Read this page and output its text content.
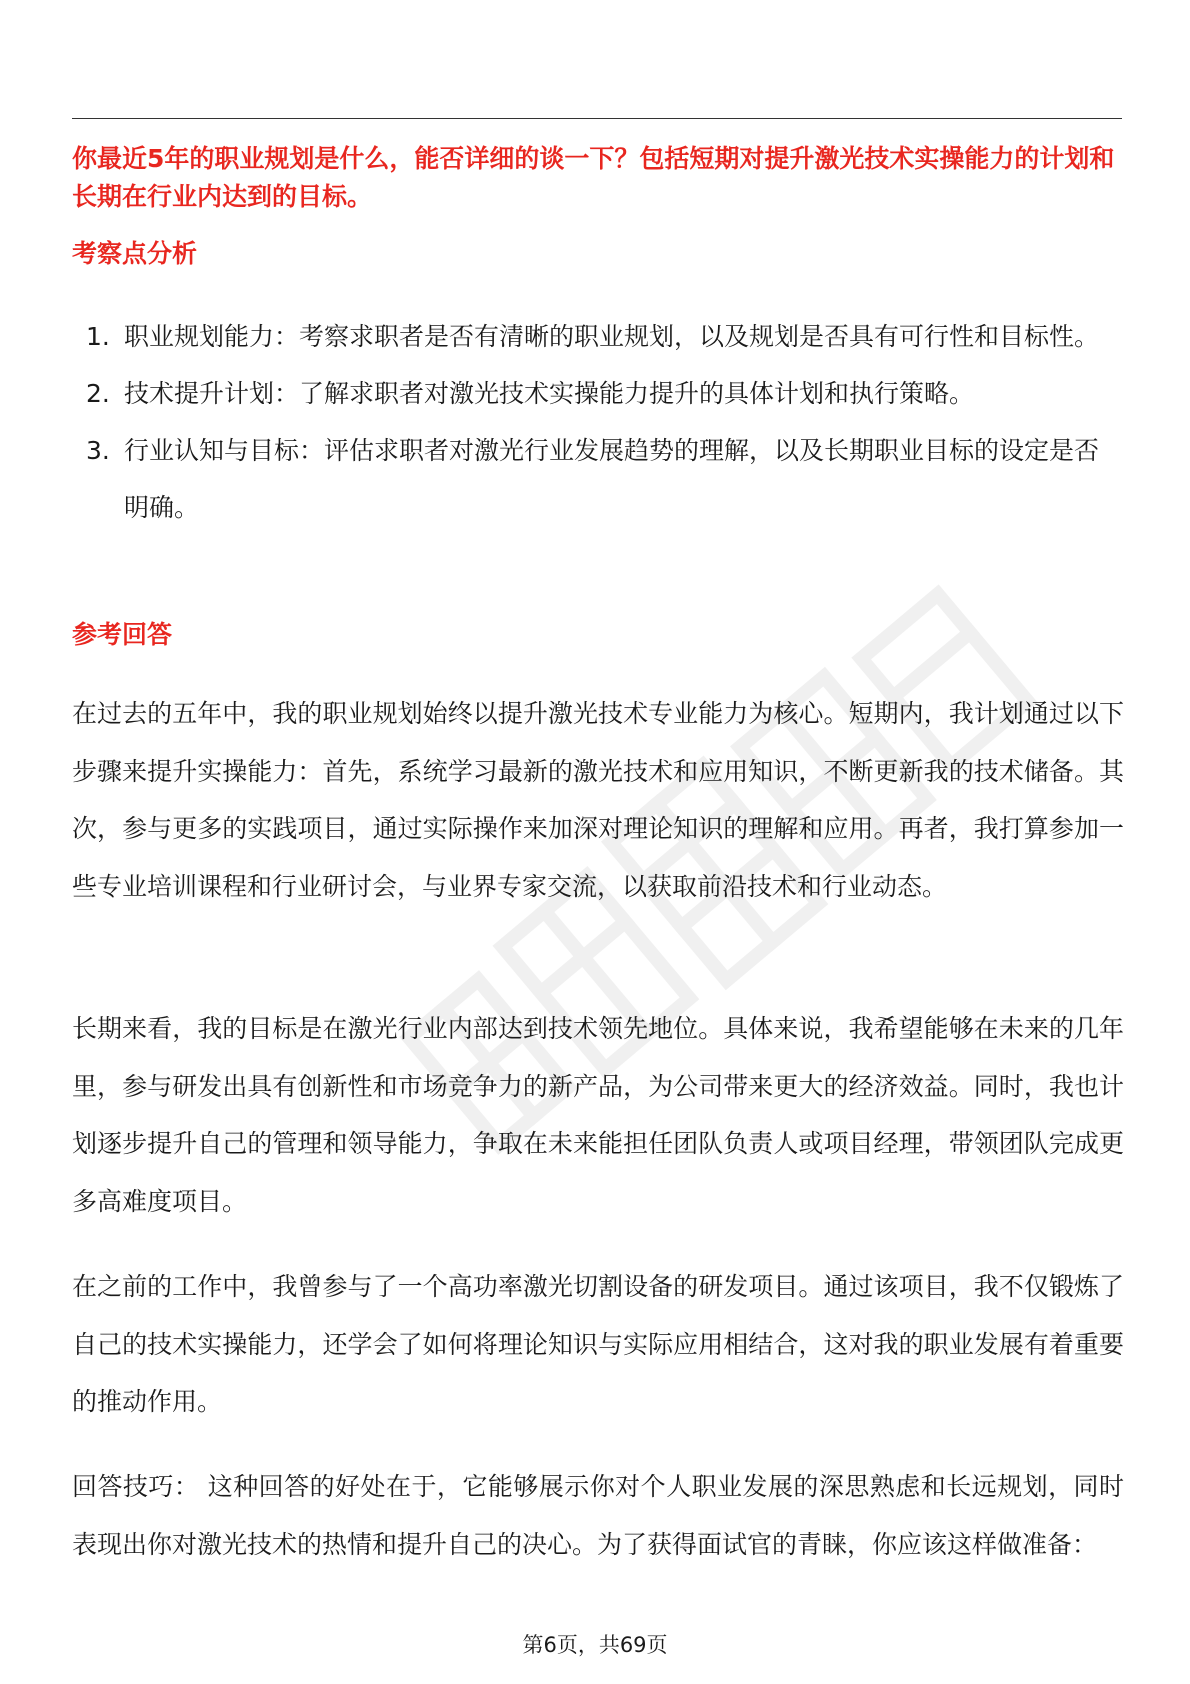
你最近5年的职业规划是什么，能否详细的谈一下？包括短期对提升激光技术实操能力的计划和长期在行业内达到的目标。

考察点分析
1. 职业规划能力：考察求职者是否有清晰的职业规划，以及规划是否具有可行性和目标性。
2. 技术提升计划：了解求职者对激光技术实操能力提升的具体计划和执行策略。
3. 行业认知与目标：评估求职者对激光行业发展趋势的理解，以及长期职业目标的设定是否明确。
参考回答

在过去的五年中，我的职业规划始终以提升激光技术专业能力为核心。短期内，我计划通过以下步骤来提升实操能力：首先，系统学习最新的激光技术和应用知识，不断更新我的技术储备。其次，参与更多的实践项目，通过实际操作来加深对理论知识的理解和应用。再者，我打算参加一些专业培训课程和行业研讨会，与业界专家交流，以获取前沿技术和行业动态。

长期来看，我的目标是在激光行业内部达到技术领先地位。具体来说，我希望能够在未来的几年里，参与研发出具有创新性和市场竞争力的新产品，为公司带来更大的经济效益。同时，我也计划逐步提升自己的管理和领导能力，争取在未来能担任团队负责人或项目经理，带领团队完成更多高难度项目。

在之前的工作中，我曾参与了一个高功率激光切割设备的研发项目。通过该项目，我不仅锻炼了自己的技术实操能力，还学会了如何将理论知识与实际应用相结合，这对我的职业发展有着重要的推动作用。

回答技巧： 这种回答的好处在于，它能够展示你对个人职业发展的深思熟虑和长远规划，同时表现出你对激光技术的热情和提升自己的决心。为了获得面试官的青睐，你应该这样做准备：

第6页，共69页
